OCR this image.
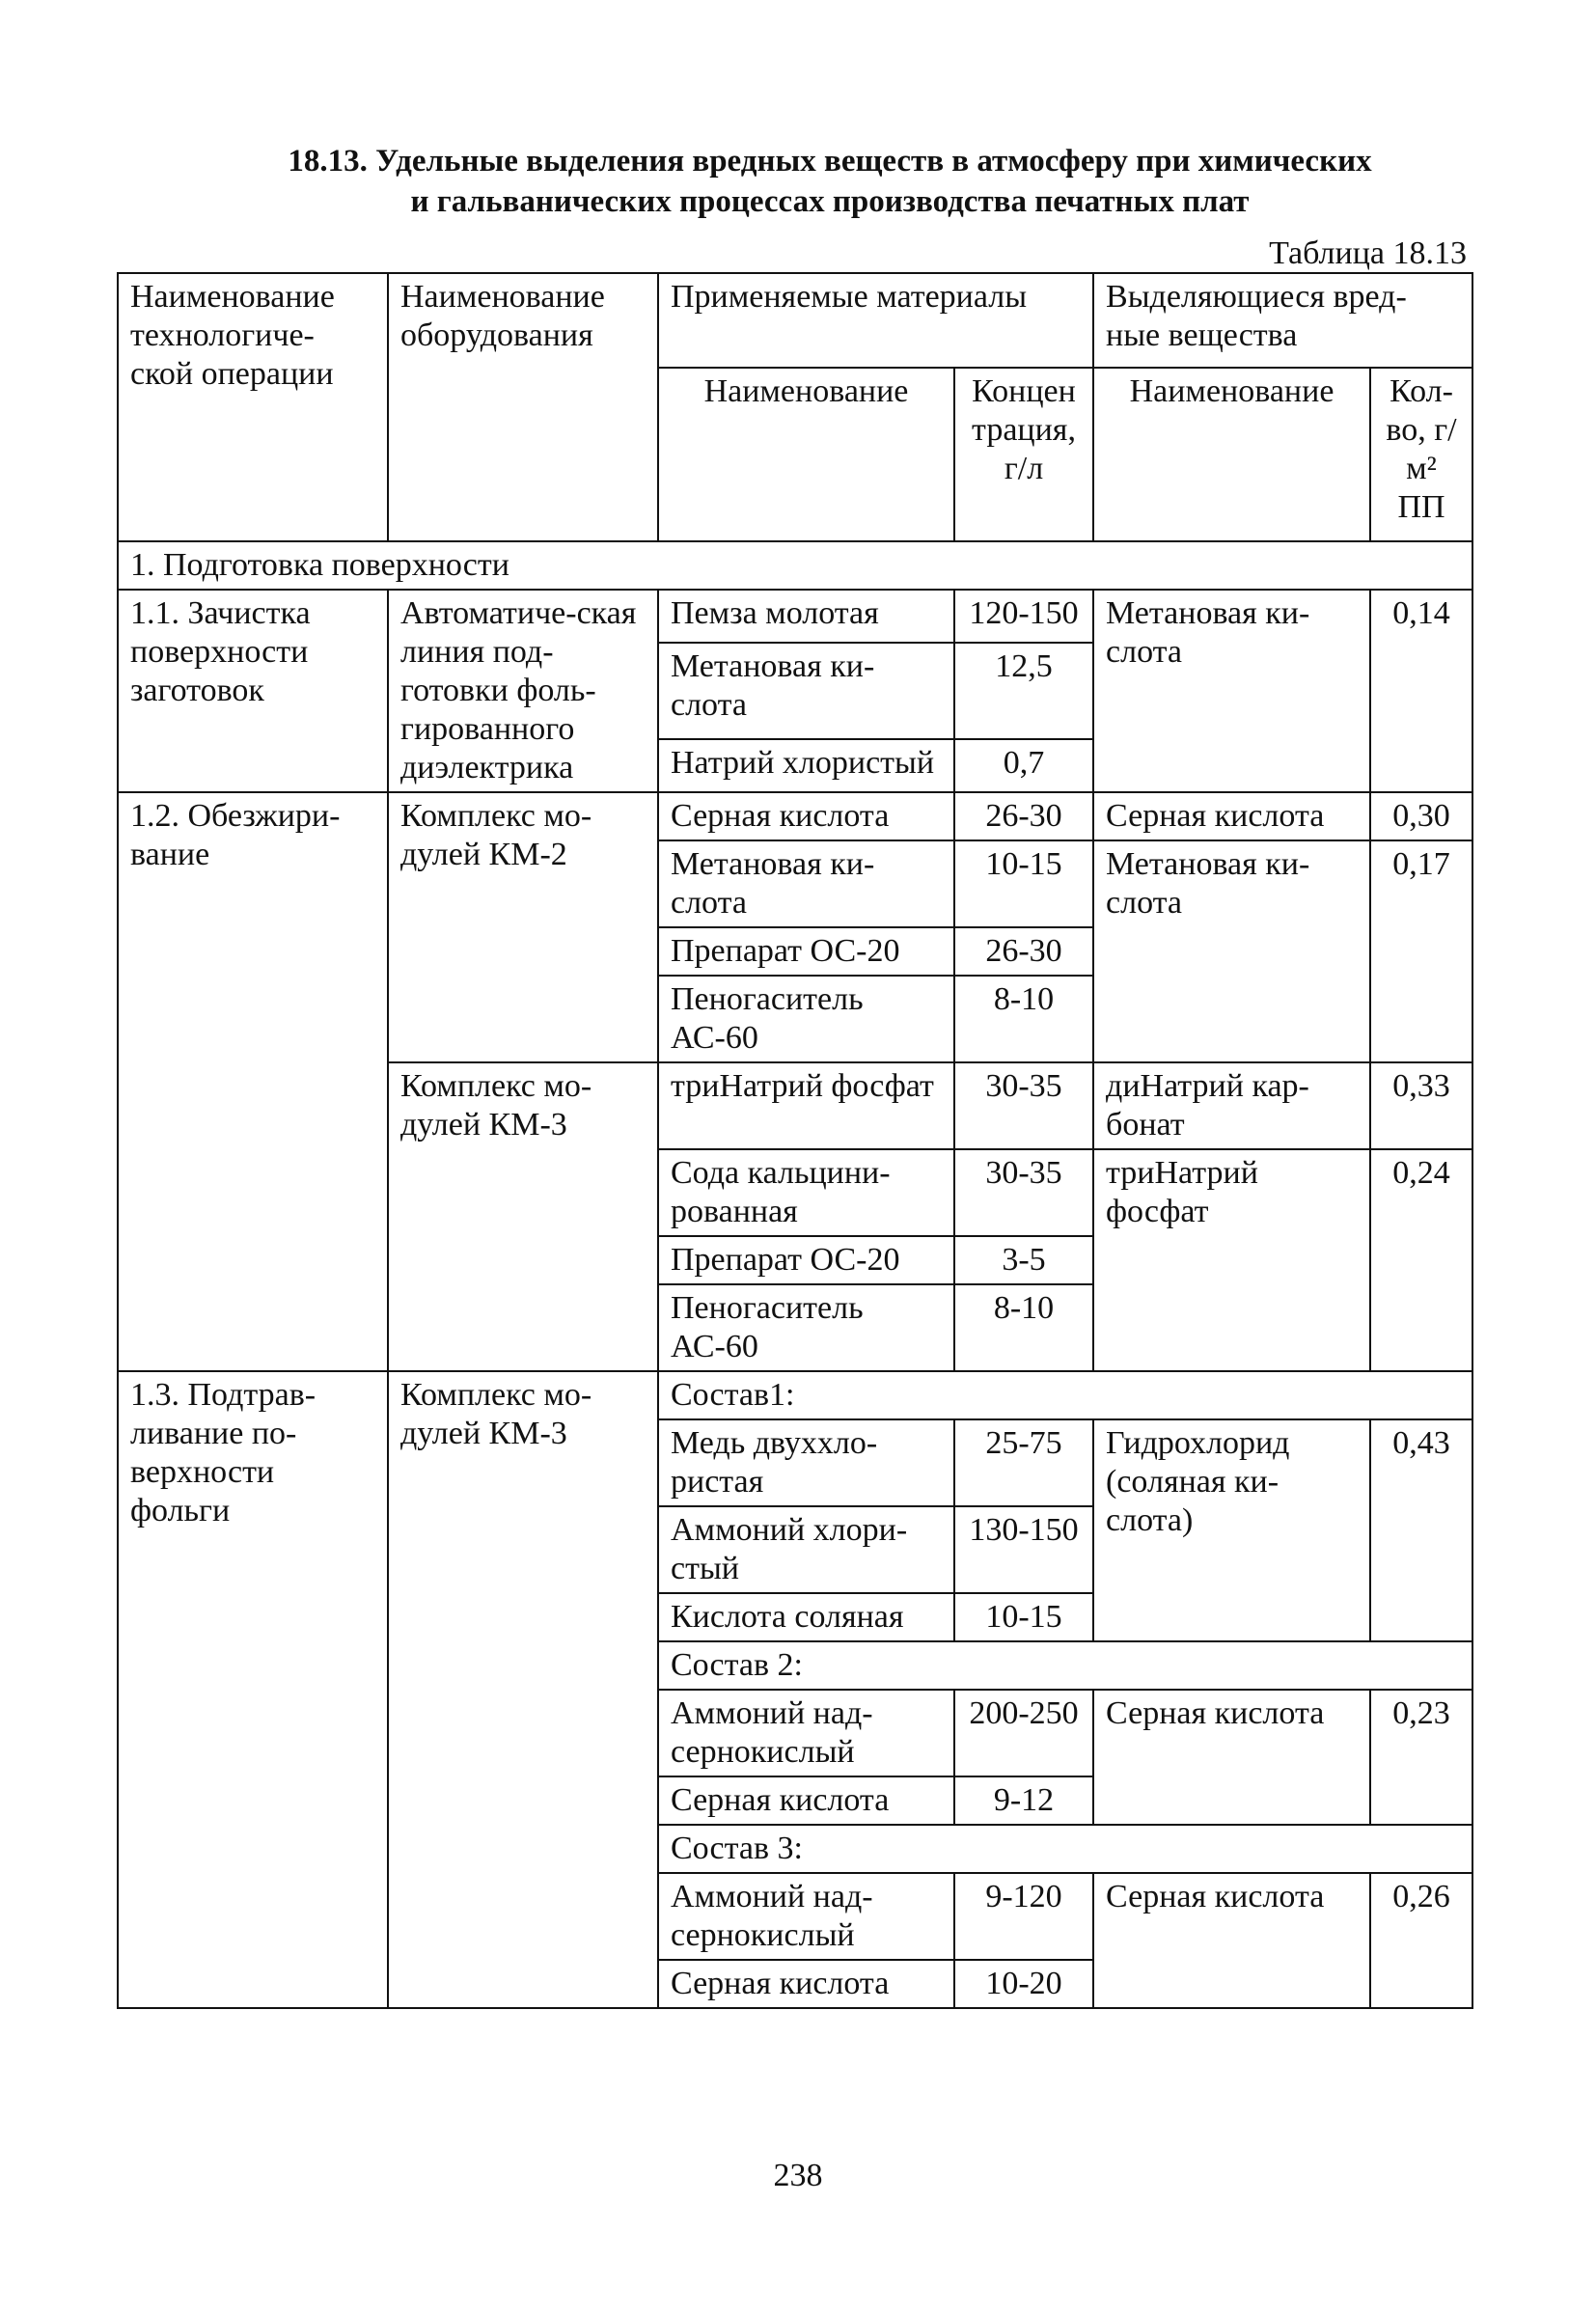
18.13. Удельные выделения вредных веществ в атмосферу при химических
и гальванических процессах производства печатных плат
Таблица 18.13
Наименование технологиче-ской операции	Наименование оборудования	Применяемые материалы		Выделяющиеся вред-ные вещества	
		Наименование	Концен трация, г/л	Наименование	Кол-во, г/м² ПП
1. Подготовка поверхности					
1.1. Зачистка поверхности заготовок	Автоматиче-ская линия под-готовки фоль-гированного диэлектрика	Пемза молотая	120-150	Метановая ки-слота	0,14
		Метановая ки-слота	12,5		
		Натрий хлористый	0,7		
1.2. Обезжири-вание	Комплекс мо-дулей КМ-2	Серная кислота	26-30	Серная кислота	0,30
		Метановая ки-слота	10-15	Метановая ки-слота	0,17
		Препарат ОС-20	26-30		
		Пеногаситель АС-60	8-10		
	Комплекс мо-дулей КМ-3	триНатрий фосфат	30-35	диНатрий кар-бонат	0,33
		Сода кальцини-рованная	30-35	триНатрий фосфат	0,24
		Препарат ОС-20	3-5		
		Пеногаситель АС-60	8-10		
1.3. Подтрав-ливание по-верхности фольги	Комплекс мо-дулей КМ-3	Состав1:			
		Медь двуххло-ристая	25-75	Гидрохлорид (соляная ки-слота)	0,43
		Аммоний хлори-стый	130-150		
		Кислота соляная	10-15		
		Состав 2:			
		Аммоний над-сернокислый	200-250	Серная кислота	0,23
		Серная кислота	9-12		
		Состав 3:			
		Аммоний над-сернокислый	9-120	Серная кислота	0,26
		Серная кислота	10-20		
238
